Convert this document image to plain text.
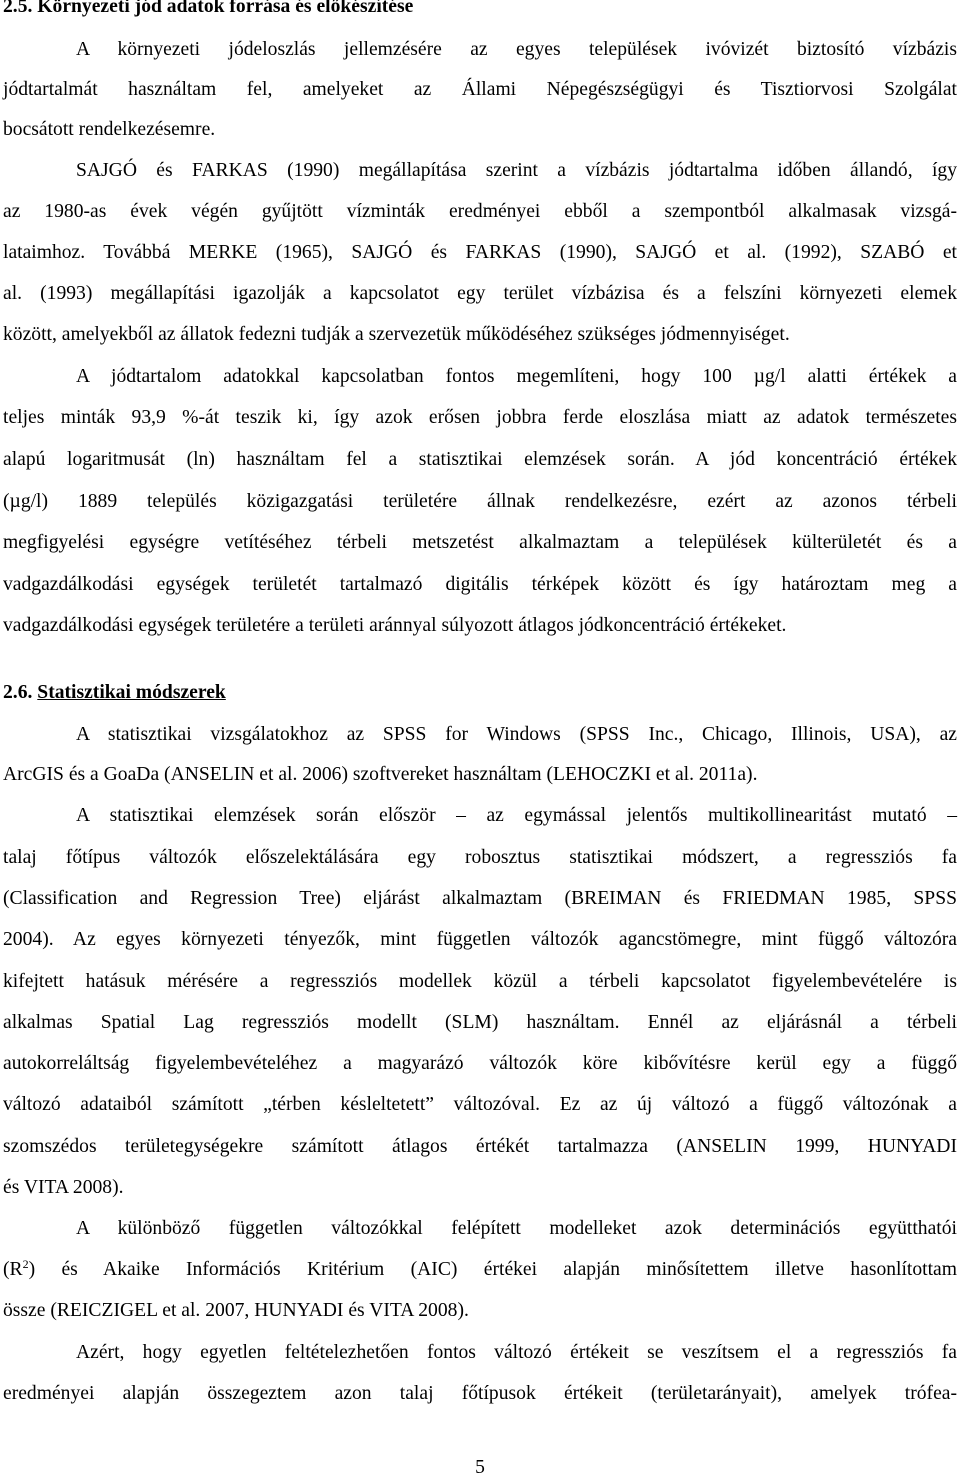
2.5. Környezeti jód adatok forrása és előkészítése
A környezeti jódeloszlás jellemzésére az egyes települések ivóvizét biztosító vízbázis
jódtartalmát használtam fel, amelyeket az Állami Népegészségügyi és Tisztiorvosi Szolgálat
bocsátott rendelkezésemre.
SAJGÓ és FARKAS (1990) megállapítása szerint a vízbázis jódtartalma időben állandó, így
az 1980-as évek végén gyűjtött vízminták eredményei ebből a szempontból alkalmasak vizsgá-
lataimhoz. Továbbá MERKE (1965), SAJGÓ és FARKAS (1990), SAJGÓ et al. (1992), SZABÓ et
al. (1993) megállapítási igazolják a kapcsolatot egy terület vízbázisa és a felszíni környezeti elemek
között, amelyekből az állatok fedezni tudják a szervezetük működéséhez szükséges jódmennyiséget.
A jódtartalom adatokkal kapcsolatban fontos megemlíteni, hogy 100 µg/l alatti értékek a
teljes minták 93,9 %-át teszik ki, így azok erősen jobbra ferde eloszlása miatt az adatok természetes
alapú logaritmusát (ln) használtam fel a statisztikai elemzések során. A jód koncentráció értékek
(µg/l) 1889 település közigazgatási területére állnak rendelkezésre, ezért az azonos térbeli
megfigyelési egységre vetítéséhez térbeli metszetést alkalmaztam a települések külterületét és a
vadgazdálkodási egységek területét tartalmazó digitális térképek között és így határoztam meg a
vadgazdálkodási egységek területére a területi aránnyal súlyozott átlagos jódkoncentráció értékeket.
2.6. Statisztikai módszerek
A statisztikai vizsgálatokhoz az SPSS for Windows (SPSS Inc., Chicago, Illinois, USA), az
ArcGIS és a GoaDa (ANSELIN et al. 2006) szoftvereket használtam (LEHOCZKI et al. 2011a).
A statisztikai elemzések során először – az egymással jelentős multikollinearitást mutató –
talaj főtípus változók előszelektálására egy robosztus statisztikai módszert, a regressziós fa
(Classification and Regression Tree) eljárást alkalmaztam (BREIMAN és FRIEDMAN 1985, SPSS
2004). Az egyes környezeti tényezők, mint független változók agancstömegre, mint függő változóra
kifejtett hatásuk mérésére a regressziós modellek közül a térbeli kapcsolatot figyelembevételére is
alkalmas Spatial Lag regressziós modellt (SLM) használtam. Ennél az eljárásnál a térbeli
autokorreláltság figyelembevételéhez a magyarázó változók köre kibővítésre kerül egy a függő
változó adataiból számított „térben késleltetett” változóval. Ez az új változó a függő változónak a
szomszédos területegységekre számított átlagos értékét tartalmazza (ANSELIN 1999, HUNYADI
és VITA 2008).
A különböző független változókkal felépített modelleket azok determinációs együtthatói
$(R^2)$ és Akaike Információs Kritérium (AIC) értékei alapján minősítettem illetve hasonlítottam
össze (REICZIGEL et al. 2007, HUNYADI és VITA 2008).
Azért, hogy egyetlen feltételezhetően fontos változó értékeit se veszítsem el a regressziós fa
eredményei alapján összegeztem azon talaj főtípusok értékeit (területarányait), amelyek trófea-
5
